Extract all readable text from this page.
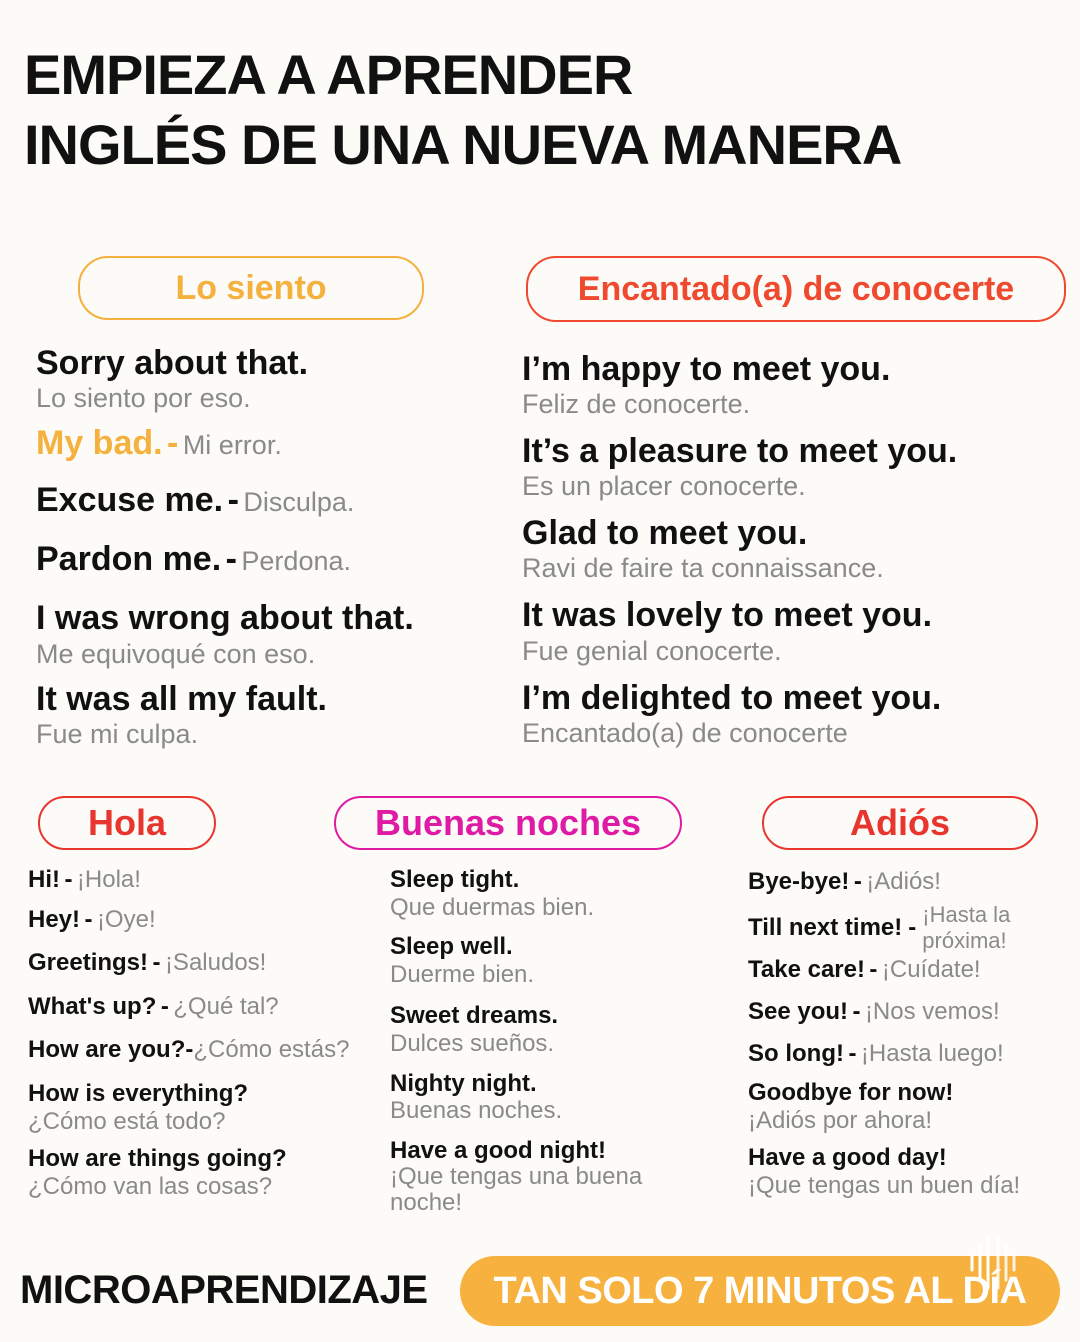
EMPIEZA A APRENDER
INGLÉS DE UNA NUEVA MANERA
Lo siento
Sorry about that.
Lo siento por eso.
My bad. - Mi error.
Excuse me. - Disculpa.
Pardon me. - Perdona.
I was wrong about that.
Me equivoqué con eso.
It was all my fault.
Fue mi culpa.
Encantado(a) de conocerte
I’m happy to meet you.
Feliz de conocerte.
It’s a pleasure to meet you.
Es un placer conocerte.
Glad to meet you.
Ravi de faire ta connaissance.
It was lovely to meet you.
Fue genial conocerte.
I’m delighted to meet you.
Encantado(a) de conocerte
Hola
Hi! - ¡Hola!
Hey! - ¡Oye!
Greetings! - ¡Saludos!
What's up? - ¿Qué tal?
How are you?-¿Cómo estás?
How is everything?
¿Cómo está todo?
How are things going?
¿Cómo van las cosas?
Buenas noches
Sleep tight.
Que duermas bien.
Sleep well.
Duerme bien.
Sweet dreams.
Dulces sueños.
Nighty night.
Buenas noches.
Have a good night!
¡Que tengas una buena noche!
Adiós
Bye-bye! - ¡Adiós!
Till next time! -
¡Hasta la próxima!
Take care! - ¡Cuídate!
See you! - ¡Nos vemos!
So long! - ¡Hasta luego!
Goodbye for now!
¡Adiós por ahora!
Have a good day!
¡Que tengas un buen día!
MICROAPRENDIZAJE TAN SOLO 7 MINUTOS AL DÍA
